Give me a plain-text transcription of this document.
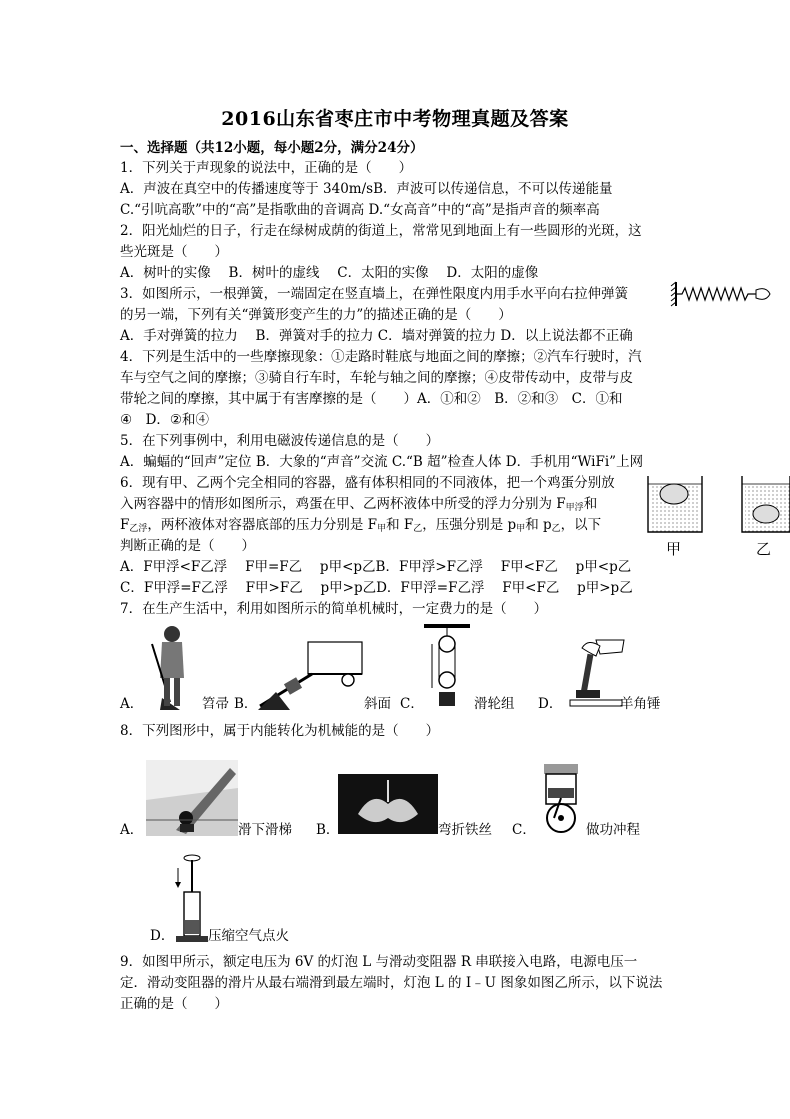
2016山东省枣庄市中考物理真题及答案
一、选择题（共12小题，每小题2分，满分24分）
1．下列关于声现象的说法中，正确的是（　　）
A．声波在真空中的传播速度等于 340m/sB．声波可以传递信息，不可以传递能量
C.“引吭高歌”中的“高”是指歌曲的音调高 D.“女高音”中的“高”是指声音的频率高
2．阳光灿烂的日子，行走在绿树成荫的街道上，常常见到地面上有一些圆形的光斑，这
些光斑是（　　）
A．树叶的实像　 B．树叶的虚线　 C．太阳的实像　 D．太阳的虚像
3．如图所示，一根弹簧，一端固定在竖直墙上，在弹性限度内用手水平向右拉伸弹簧
的另一端，下列有关“弹簧形变产生的力”的描述正确的是（　　）
A．手对弹簧的拉力　 B．弹簧对手的拉力 C．墙对弹簧的拉力 D．以上说法都不正确
4．下列是生活中的一些摩擦现象：①走路时鞋底与地面之间的摩擦；②汽车行驶时，汽
车与空气之间的摩擦；③骑自行车时，车轮与轴之间的摩擦；④皮带传动中，皮带与皮
带轮之间的摩擦，其中属于有害摩擦的是（　　）A．①和②　B．②和③　C．①和
④　D．②和④
5．在下列事例中，利用电磁波传递信息的是（　　）
A．蝙蝠的“回声”定位 B．大象的“声音”交流 C.“B 超”检查人体 D．手机用“WiFi”上网
6．现有甲、乙两个完全相同的容器，盛有体积相同的不同液体，把一个鸡蛋分别放
入两容器中的情形如图所示，鸡蛋在甲、乙两杯液体中所受的浮力分别为 F甲浮和
F乙浮，两杯液体对容器底部的压力分别是 F甲和 F乙，压强分别是 p甲和 p乙，以下
判断正确的是（　　）	甲	乙
A．F甲浮<F乙浮　 F甲=F乙　 p甲<p乙B．F甲浮>F乙浮　 F甲<F乙　 p甲<p乙
C．F甲浮=F乙浮　 F甲>F乙　 p甲>p乙D．F甲浮=F乙浮　 F甲<F乙　 p甲>p乙
7．在生产生活中，利用如图所示的简单机械时，一定费力的是（　　）
A．	笤帚 B．	斜面 C．	滑轮组 D．	羊角锤
8．下列图形中，属于内能转化为机械能的是（　　）
A．	滑下滑梯 B．	弯折铁丝 C．	做功冲程
D． 压缩空气点火
9．如图甲所示，额定电压为 6V 的灯泡 L 与滑动变阻器 R 串联接入电路，电源电压一
定．滑动变阻器的滑片从最右端滑到最左端时，灯泡 L 的 I﹣U 图象如图乙所示，以下说法
正确的是（　　）
